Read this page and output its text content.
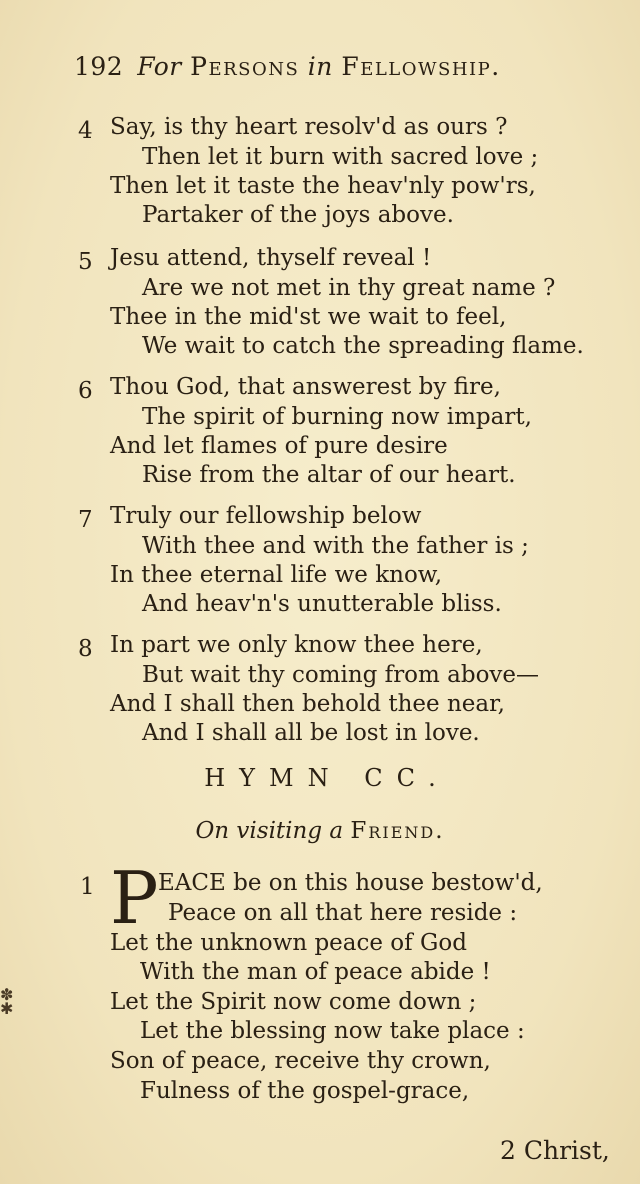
192 For Persons in Fellowship.
4 Say, is thy heart resolv'd as ours ?
Then let it burn with sacred love ;
Then let it taste the heav'nly pow'rs,
Partaker of the joys above.
5 Jesu attend, thyself reveal !
Are we not met in thy great name ?
Thee in the mid'st we wait to feel,
We wait to catch the spreading flame.
6 Thou God, that answerest by fire,
The spirit of burning now impart,
And let flames of pure desire
Rise from the altar of our heart.
7 Truly our fellowship below
With thee and with the father is ;
In thee eternal life we know,
And heav'n's unutterable bliss.
8 In part we only know thee here,
But wait thy coming from above—
And I shall then behold thee near,
And I shall all be lost in love.
HYMN CC.
On visiting a Friend.
1 P EACE be on this house bestow'd,
Peace on all that here reside :
Let the unknown peace of God
With the man of peace abide !
Let the Spirit now come down ;
Let the blessing now take place :
Son of peace, receive thy crown,
Fulness of the gospel-grace,
✽
✱
2 Christ,
